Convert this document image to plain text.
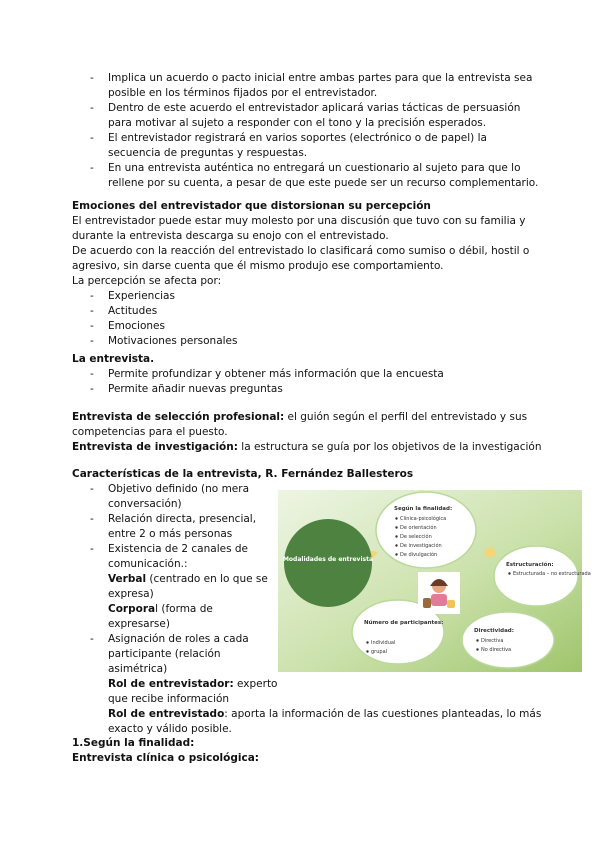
- Implica un acuerdo o pacto inicial entre ambas partes para que la entrevista sea posible en los términos fijados por el entrevistador.
- Dentro de este acuerdo el entrevistador aplicará varias tácticas de persuasión para motivar al sujeto a responder con el tono y la precisión esperados.
- El entrevistador registrará en varios soportes (electrónico o de papel) la secuencia de preguntas y respuestas.
- En una entrevista auténtica no entregará un cuestionario al sujeto para que lo rellene por su cuenta, a pesar de que este puede ser un recurso complementario.

Emociones del entrevistador que distorsionan su percepción

El entrevistador puede estar muy molesto por una discusión que tuvo con su familia y durante la entrevista descarga su enojo con el entrevistado.

De acuerdo con la reacción del entrevistado lo clasificará como sumiso o débil, hostil o agresivo, sin darse cuenta que él mismo produjo ese comportamiento.

La percepción se afecta por:

- Experiencias
- Actitudes
- Emociones
- Motivaciones personales

La entrevista.

- Permite profundizar y obtener más información que la encuesta
- Permite añadir nuevas preguntas

Entrevista de selección profesional: el guión según el perfil del entrevistado y sus competencias para el puesto.

Entrevista de investigación: la estructura se guía por los objetivos de la investigación

Características de la entrevista, R. Fernández Ballesteros

- Objetivo definido (no mera conversación)
- Relación directa, presencial, entre 2 o más personas
- Existencia de 2 canales de comunicación.:
Verbal (centrado en lo que se expresa)
Corporal (forma de expresarse)
- Asignación de roles a cada participante (relación asimétrica)
Rol de entrevistador: experto que recibe información

Rol de entrevistado: aporta la información de las cuestiones planteadas, lo más exacto y válido posible.

Modalidades de entrevista
Según la finalidad:
Clínica-psicológica
De orientación
De selección
De investigación
De divulgación
Estructuración:
Estructurada – no estructurada
Número de participantes:
Individual
grupal
Directividad:
Directiva
No directiva

1.Según la finalidad:

Entrevista clínica o psicológica:
